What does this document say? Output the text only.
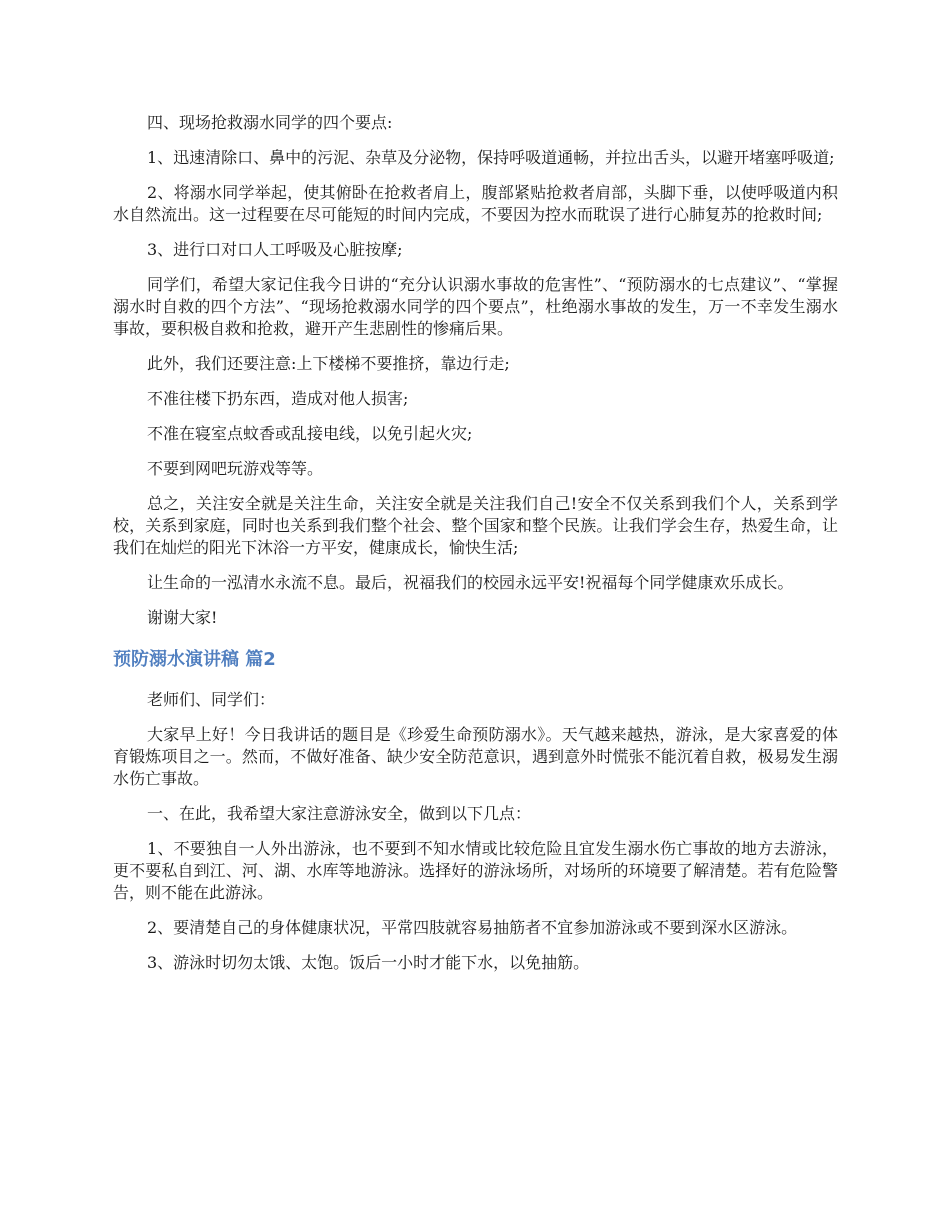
四、现场抢救溺水同学的四个要点:

1、迅速清除口、鼻中的污泥、杂草及分泌物，保持呼吸道通畅，并拉出舌头，以避开堵塞呼吸道;

2、将溺水同学举起，使其俯卧在抢救者肩上，腹部紧贴抢救者肩部，头脚下垂，以使呼吸道内积水自然流出。这一过程要在尽可能短的时间内完成，不要因为控水而耽误了进行心肺复苏的抢救时间;

3、进行口对口人工呼吸及心脏按摩;

同学们，希望大家记住我今日讲的“充分认识溺水事故的危害性”、“预防溺水的七点建议”、“掌握溺水时自救的四个方法”、“现场抢救溺水同学的四个要点”，杜绝溺水事故的发生，万一不幸发生溺水事故，要积极自救和抢救，避开产生悲剧性的惨痛后果。

此外，我们还要注意:上下楼梯不要推挤，靠边行走;

不准往楼下扔东西，造成对他人损害;

不准在寝室点蚊香或乱接电线，以免引起火灾;

不要到网吧玩游戏等等。

总之，关注安全就是关注生命，关注安全就是关注我们自己!安全不仅关系到我们个人，关系到学校，关系到家庭，同时也关系到我们整个社会、整个国家和整个民族。让我们学会生存，热爱生命，让我们在灿烂的阳光下沐浴一方平安，健康成长，愉快生活;

让生命的一泓清水永流不息。最后，祝福我们的校园永远平安!祝福每个同学健康欢乐成长。

谢谢大家!

预防溺水演讲稿 篇2

老师们、同学们：

大家早上好！今日我讲话的题目是《珍爱生命预防溺水》。天气越来越热，游泳，是大家喜爱的体育锻炼项目之一。然而，不做好准备、缺少安全防范意识，遇到意外时慌张不能沉着自救，极易发生溺水伤亡事故。

一、在此，我希望大家注意游泳安全，做到以下几点：

1、不要独自一人外出游泳，也不要到不知水情或比较危险且宜发生溺水伤亡事故的地方去游泳，更不要私自到江、河、湖、水库等地游泳。选择好的游泳场所，对场所的环境要了解清楚。若有危险警告，则不能在此游泳。

2、要清楚自己的身体健康状况，平常四肢就容易抽筋者不宜参加游泳或不要到深水区游泳。

3、游泳时切勿太饿、太饱。饭后一小时才能下水，以免抽筋。
